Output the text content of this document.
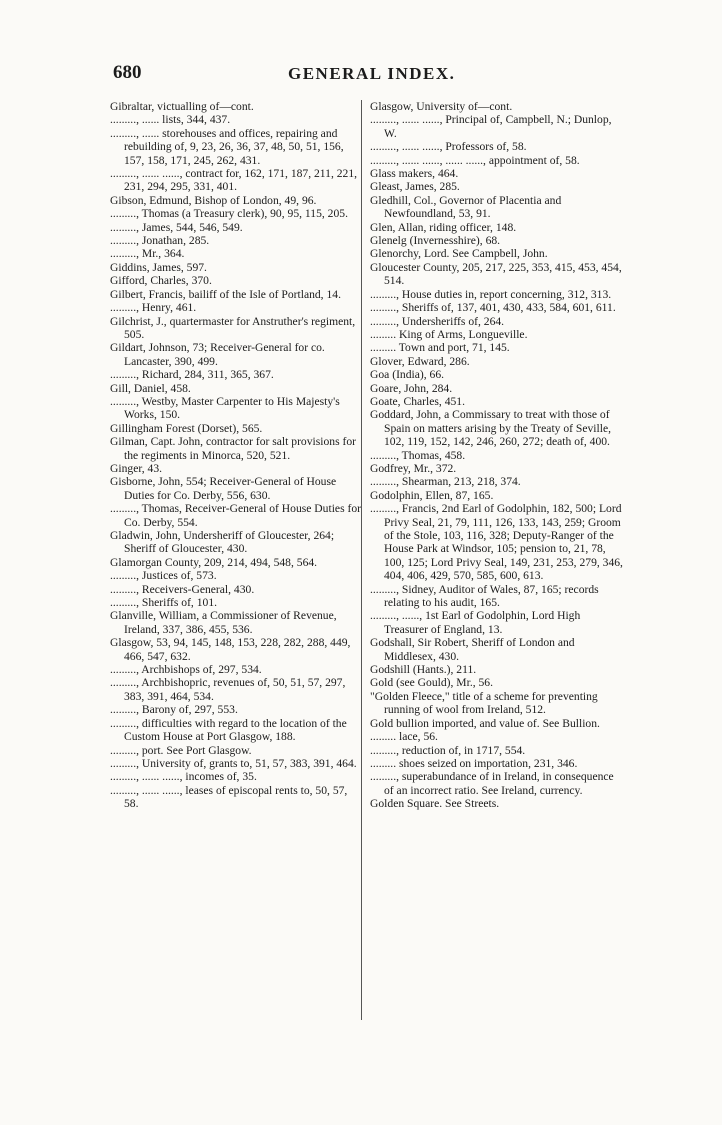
680	GENERAL INDEX.

Gibraltar, victualling of—cont.

........., ...... lists, 344, 437.

........., ...... storehouses and offices, repairing and rebuilding of, 9, 23, 26, 36, 37, 48, 50, 51, 156, 157, 158, 171, 245, 262, 431.

........., ...... ......, contract for, 162, 171, 187, 211, 221, 231, 294, 295, 331, 401.

Gibson, Edmund, Bishop of London, 49, 96.

........., Thomas (a Treasury clerk), 90, 95, 115, 205.

........., James, 544, 546, 549.

........., Jonathan, 285.

........., Mr., 364.

Giddins, James, 597.

Gifford, Charles, 370.

Gilbert, Francis, bailiff of the Isle of Portland, 14.

........., Henry, 461.

Gilchrist, J., quartermaster for Anstruther's regiment, 505.

Gildart, Johnson, 73; Receiver-General for co. Lancaster, 390, 499.

........., Richard, 284, 311, 365, 367.

Gill, Daniel, 458.

........., Westby, Master Carpenter to His Majesty's Works, 150.

Gillingham Forest (Dorset), 565.

Gilman, Capt. John, contractor for salt provisions for the regiments in Minorca, 520, 521.

Ginger, 43.

Gisborne, John, 554; Receiver-General of House Duties for Co. Derby, 556, 630.

........., Thomas, Receiver-General of House Duties for Co. Derby, 554.

Gladwin, John, Undersheriff of Gloucester, 264; Sheriff of Gloucester, 430.

Glamorgan County, 209, 214, 494, 548, 564.

........., Justices of, 573.

........., Receivers-General, 430.

........., Sheriffs of, 101.

Glanville, William, a Commissioner of Revenue, Ireland, 337, 386, 455, 536.

Glasgow, 53, 94, 145, 148, 153, 228, 282, 288, 449, 466, 547, 632.

........., Archbishops of, 297, 534.

........., Archbishopric, revenues of, 50, 51, 57, 297, 383, 391, 464, 534.

........., Barony of, 297, 553.

........., difficulties with regard to the location of the Custom House at Port Glasgow, 188.

........., port. See Port Glasgow.

........., University of, grants to, 51, 57, 383, 391, 464.

........., ...... ......, incomes of, 35.

........., ...... ......, leases of episcopal rents to, 50, 57, 58.

Glasgow, University of—cont.

........., ...... ......, Principal of, Campbell, N.; Dunlop, W.

........., ...... ......, Professors of, 58.

........., ...... ......, ...... ......, appointment of, 58.

Glass makers, 464.

Gleast, James, 285.

Gledhill, Col., Governor of Placentia and Newfoundland, 53, 91.

Glen, Allan, riding officer, 148.

Glenelg (Invernesshire), 68.

Glenorchy, Lord. See Campbell, John.

Gloucester County, 205, 217, 225, 353, 415, 453, 454, 514.

........., House duties in, report concerning, 312, 313.

........., Sheriffs of, 137, 401, 430, 433, 584, 601, 611.

........., Undersheriffs of, 264.

......... King of Arms, Longueville.

......... Town and port, 71, 145.

Glover, Edward, 286.

Goa (India), 66.

Goare, John, 284.

Goate, Charles, 451.

Goddard, John, a Commissary to treat with those of Spain on matters arising by the Treaty of Seville, 102, 119, 152, 142, 246, 260, 272; death of, 400.

........., Thomas, 458.

Godfrey, Mr., 372.

........., Shearman, 213, 218, 374.

Godolphin, Ellen, 87, 165.

........., Francis, 2nd Earl of Godolphin, 182, 500; Lord Privy Seal, 21, 79, 111, 126, 133, 143, 259; Groom of the Stole, 103, 116, 328; Deputy-Ranger of the House Park at Windsor, 105; pension to, 21, 78, 100, 125; Lord Privy Seal, 149, 231, 253, 279, 346, 404, 406, 429, 570, 585, 600, 613.

........., Sidney, Auditor of Wales, 87, 165; records relating to his audit, 165.

........., ......, 1st Earl of Godolphin, Lord High Treasurer of England, 13.

Godshall, Sir Robert, Sheriff of London and Middlesex, 430.

Godshill (Hants.), 211.

Gold (see Gould), Mr., 56.

"Golden Fleece," title of a scheme for preventing running of wool from Ireland, 512.

Gold bullion imported, and value of. See Bullion.

......... lace, 56.

........., reduction of, in 1717, 554.

......... shoes seized on importation, 231, 346.

........., superabundance of in Ireland, in consequence of an incorrect ratio. See Ireland, currency.

Golden Square. See Streets.
